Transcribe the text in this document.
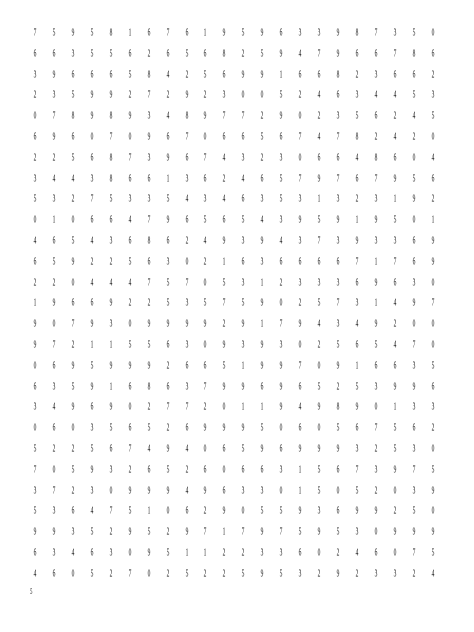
7 5 9 5 8 1 6 7 6 1 9 5 9 6 3 3 9 8 7 3 5 0
6 6 3 5 5 6 2 6 5 6 8 2 5 9 4 7 9 6 6 7 8 6
3 9 6 6 6 5 8 4 2 5 6 9 9 1 6 6 8 2 3 6 6 2
2 3 5 9 9 2 7 2 9 2 3 0 0 5 2 4 6 3 4 4 5 3
0 7 8 9 8 9 3 4 8 9 7 7 2 9 0 2 3 5 6 2 4 5
6 9 6 0 7 0 9 6 7 0 6 6 5 6 7 4 7 8 2 4 2 0
2 2 5 6 8 7 3 9 6 7 4 3 2 3 0 6 6 4 8 6 0 4
3 4 4 3 8 6 6 1 3 6 2 4 6 5 7 9 7 6 7 9 5 6
5 3 2 7 5 3 3 5 4 3 4 6 3 5 3 1 3 2 3 1 9 2
0 1 0 6 6 4 7 9 6 5 6 5 4 3 9 5 9 1 9 5 0 1
4 6 5 4 3 6 8 6 2 4 9 3 9 4 3 7 3 9 3 3 6 9
6 5 9 2 2 5 6 3 0 2 1 6 3 6 6 6 6 7 1 7 6 9
2 2 0 4 4 4 7 5 7 0 5 3 1 2 3 3 3 6 9 6 3 0
1 9 6 6 9 2 2 5 3 5 7 5 9 0 2 5 7 3 1 4 9 7
9 0 7 9 3 0 9 9 9 9 2 9 1 7 9 4 3 4 9 2 0 0
9 7 2 1 1 5 5 6 3 0 9 3 9 3 0 2 5 6 5 4 7 0
0 6 9 5 9 9 9 2 6 6 5 1 9 9 7 0 9 1 6 6 3 5
6 3 5 9 1 6 8 6 3 7 9 9 6 9 6 5 2 5 3 9 9 6
3 4 9 6 9 0 2 7 7 2 0 1 1 9 4 9 8 9 0 1 3 3
0 6 0 3 5 6 5 2 6 9 9 9 5 0 6 0 5 6 7 5 6 2
5 2 2 5 6 7 4 9 4 0 6 5 9 6 9 9 9 3 2 5 3 0
7 0 5 9 3 2 6 5 2 6 0 6 6 3 1 5 6 7 3 9 7 5
3 7 2 3 0 9 9 9 4 9 6 3 3 0 1 5 0 5 2 0 3 9
5 3 6 4 7 5 1 0 6 2 9 0 5 5 9 3 6 9 9 2 5 0
9 9 3 5 2 9 5 2 9 7 1 7 9 7 5 9 5 3 0 9 9 9
6 3 4 6 3 0 9 5 1 1 2 2 3 3 6 0 2 4 6 0 7 5
4 6 0 5 2 7 0 2 5 2 2 5 9 5 3 2 9 2 3 3 2 4
5
